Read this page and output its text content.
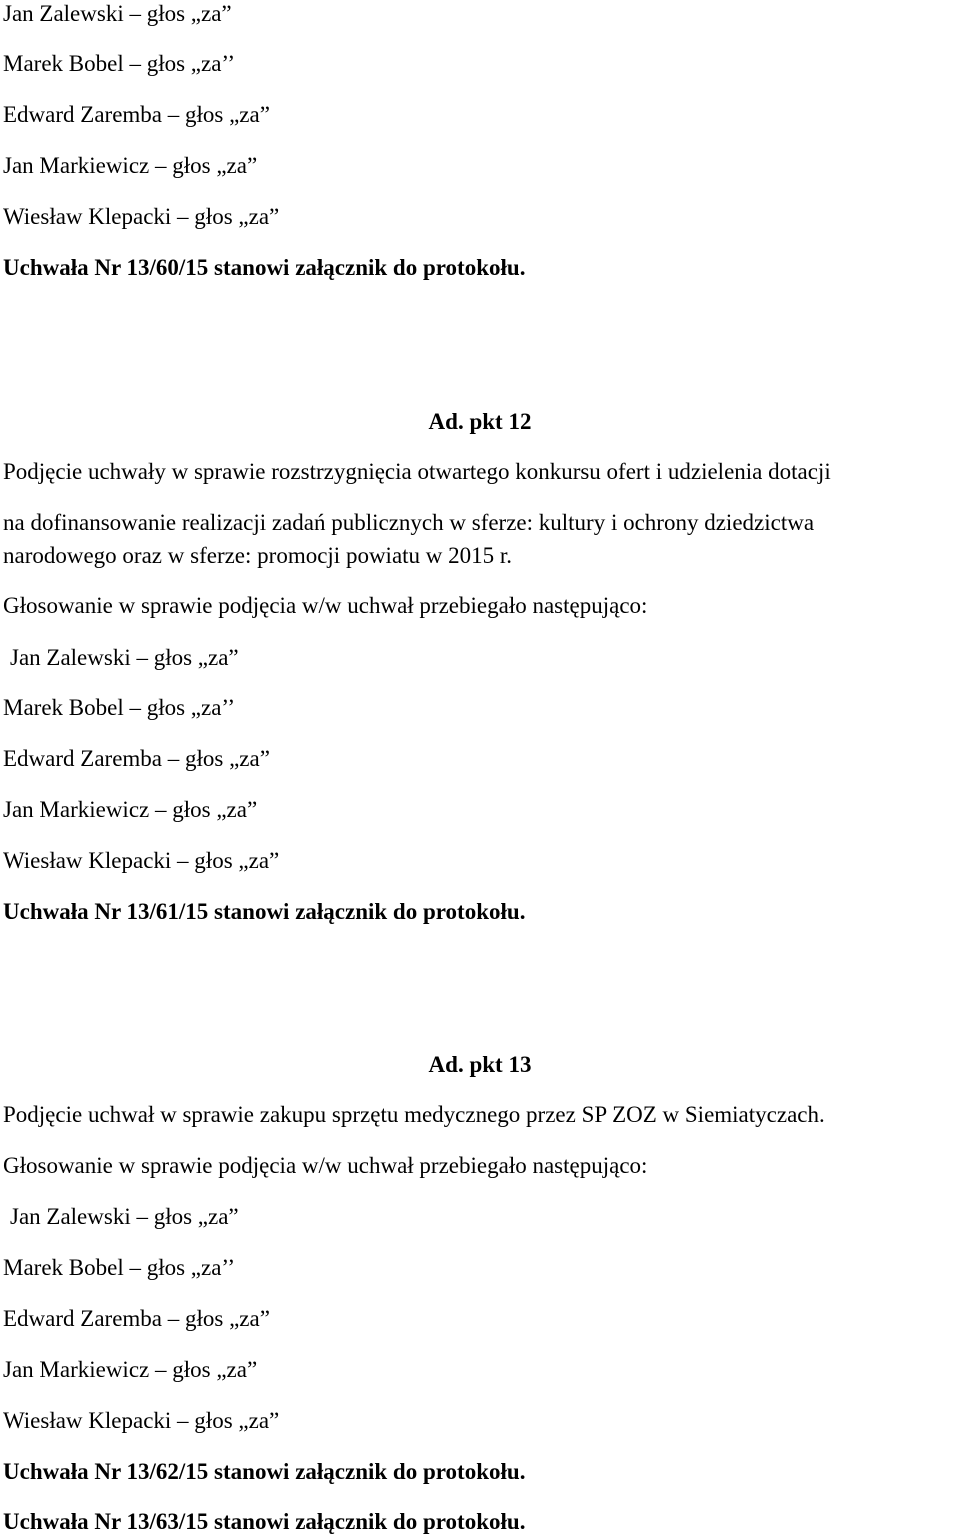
Jan Zalewski – głos „za”

Marek Bobel – głos „za’’

Edward Zaremba – głos „za”

Jan Markiewicz – głos „za”

Wiesław Klepacki – głos „za”

Uchwała Nr 13/60/15 stanowi załącznik do protokołu.

Ad. pkt 12

Podjęcie uchwały w sprawie rozstrzygnięcia otwartego konkursu ofert i udzielenia dotacji

na dofinansowanie realizacji zadań publicznych w sferze: kultury i ochrony dziedzictwa

narodowego oraz w sferze: promocji powiatu w 2015 r.

Głosowanie w sprawie podjęcia w/w uchwał przebiegało następująco:

Jan Zalewski – głos „za”

Marek Bobel – głos „za’’

Edward Zaremba – głos „za”

Jan Markiewicz – głos „za”

Wiesław Klepacki – głos „za”

Uchwała Nr 13/61/15 stanowi załącznik do protokołu.

Ad. pkt 13

Podjęcie uchwał w sprawie zakupu sprzętu medycznego przez SP ZOZ w Siemiatyczach.

Głosowanie w sprawie podjęcia w/w uchwał przebiegało następująco:

Jan Zalewski – głos „za”

Marek Bobel – głos „za’’

Edward Zaremba – głos „za”

Jan Markiewicz – głos „za”

Wiesław Klepacki – głos „za”

Uchwała Nr 13/62/15 stanowi załącznik do protokołu.

Uchwała Nr 13/63/15 stanowi załącznik do protokołu.
